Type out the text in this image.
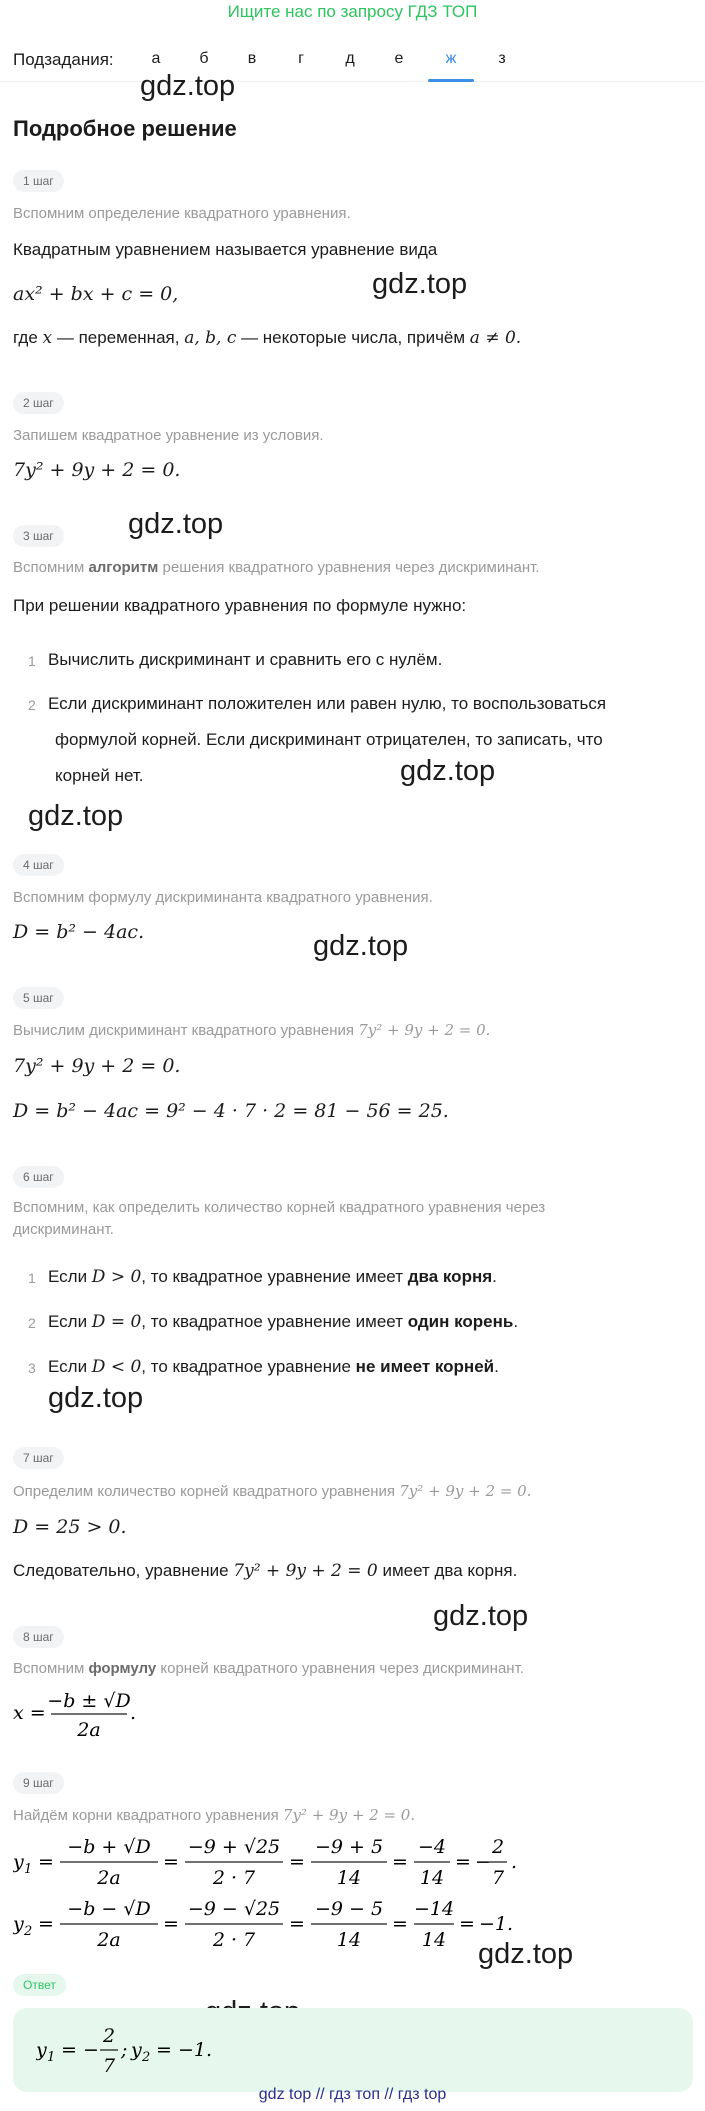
Ищите нас по запросу ГДЗ ТОП
Подзадания:	а	б	в	г	д	е	ж	з
gdz.top
gdz.top
gdz.top
gdz.top
gdz.top
gdz.top
gdz.top
gdz.top
gdz.top
Подробное решение
1 шаг
Вспомним определение квадратного уравнения.
Квадратным уравнением называется уравнение вида
ax² + bx + c = 0,
где x — переменная, a, b, c — некоторые числа, причём a ≠ 0.
2 шаг
Запишем квадратное уравнение из условия.
7y² + 9y + 2 = 0.
3 шаг
Вспомним алгоритм решения квадратного уравнения через дискриминант.
При решении квадратного уравнения по формуле нужно:
1 Вычислить дискриминант и сравнить его с нулём.
2 Если дискриминант положителен или равен нулю, то воспользоваться
формулой корней. Если дискриминант отрицателен, то записать, что
корней нет.
4 шаг
Вспомним формулу дискриминанта квадратного уравнения.
D = b² − 4ac.
5 шаг
Вычислим дискриминант квадратного уравнения 7y² + 9y + 2 = 0.
7y² + 9y + 2 = 0.
D = b² − 4ac = 9² − 4 · 7 · 2 = 81 − 56 = 25.
6 шаг
Вспомним, как определить количество корней квадратного уравнения через
дискриминант.
1 Если D > 0, то квадратное уравнение имеет два корня.
2 Если D = 0, то квадратное уравнение имеет один корень.
3 Если D < 0, то квадратное уравнение не имеет корней.
7 шаг
Определим количество корней квадратного уравнения 7y² + 9y + 2 = 0.
D = 25 > 0.
Следовательно, уравнение 7y² + 9y + 2 = 0 имеет два корня.
8 шаг
Вспомним формулу корней квадратного уравнения через дискриминант.
x =
−b ± √D
2a
.
9 шаг
Найдём корни квадратного уравнения 7y² + 9y + 2 = 0.
y 1 =
−b + √D
2a
=
−9 + √25
2 · 7
=
−9 + 5
14
=
−4
14
= −
2
7
.
y 2 =
−b − √D
2a
=
−9 − √25
2 · 7
=
−9 − 5
14
=
−14
14
= −1.
Ответ
y 1 = −
2
7
; y 2 = −1.
gdz top // гдз топ // гдз top
